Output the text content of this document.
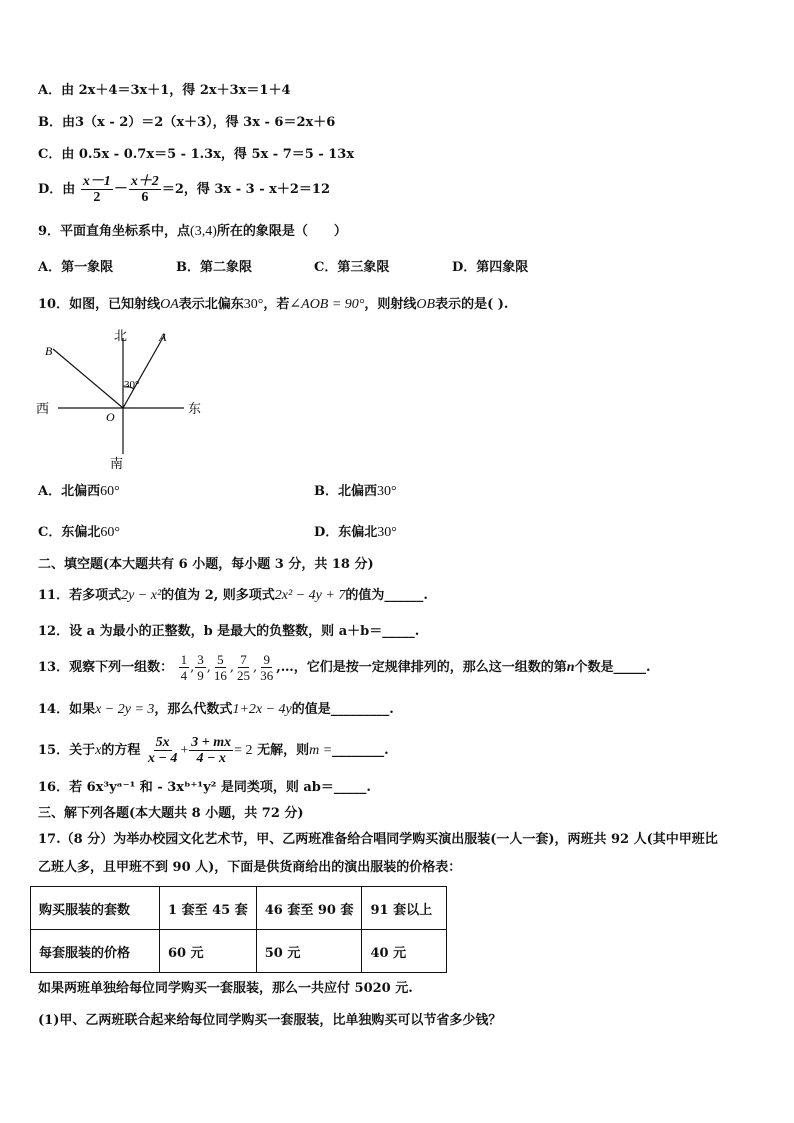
A．由 2x＋4＝3x＋1，得 2x＋3x＝1＋4
B．由3（x - 2）＝2（x＋3），得 3x - 6＝2x＋6
C．由 0.5x - 0.7x＝5 - 1.3x，得 5x - 7＝5 - 13x
D．由 $\frac{x-1}{2} - \frac{x+2}{6} =2$，得 3x - 3 - x＋2＝12
9．平面直角坐标系中，点(3,4)所在的象限是（　　）
A．第一象限	B．第二象限	C．第三象限	D．第四象限
10．如图，已知射线OA表示北偏东30°，若∠AOB = 90°，则射线OB表示的是( ).
北
南
西	东
A
B
O
30°
A．北偏西60°	B．北偏西30°
C．东偏北60°	D．东偏北30°
二、填空题(本大题共有 6 小题，每小题 3 分，共 18 分)
11．若多项式2y − x²的值为 2, 则多项式2x² − 4y + 7的值为______.
12．设 a 为最小的正整数，b 是最大的负整数，则 a＋b＝_____.
13．观察下列一组数： $\frac{1}{4}$ , $\frac{3}{9}$ , $\frac{5}{16}$ , $\frac{7}{25}$ , $\frac{9}{36}$ ,…，它们是按一定规律排列的，那么这一组数的第n个数是_____.
14．如果x − 2y = 3，那么代数式1+2x − 4y的值是_________.
15．关于x的方程 $\frac{5x}{x - 4} + \frac{3 + mx}{4 - x} = 2$ 无解，则m =________.
16．若 6x³yᵃ⁻¹ 和 - 3xᵇ⁺¹y² 是同类项，则 ab＝_____.
三、解下列各题(本大题共 8 小题，共 72 分)
17.（8 分）为举办校园文化艺术节，甲、乙两班准备给合唱同学购买演出服装(一人一套)，两班共 92 人(其中甲班比
乙班人多，且甲班不到 90 人)，下面是供货商给出的演出服装的价格表：
购买服装的套数	1 套至 45 套	46 套至 90 套	91 套以上
每套服装的价格	60 元	50 元	40 元
如果两班单独给每位同学购买一套服装，那么一共应付 5020 元.
(1)甲、乙两班联合起来给每位同学购买一套服装，比单独购买可以节省多少钱？
